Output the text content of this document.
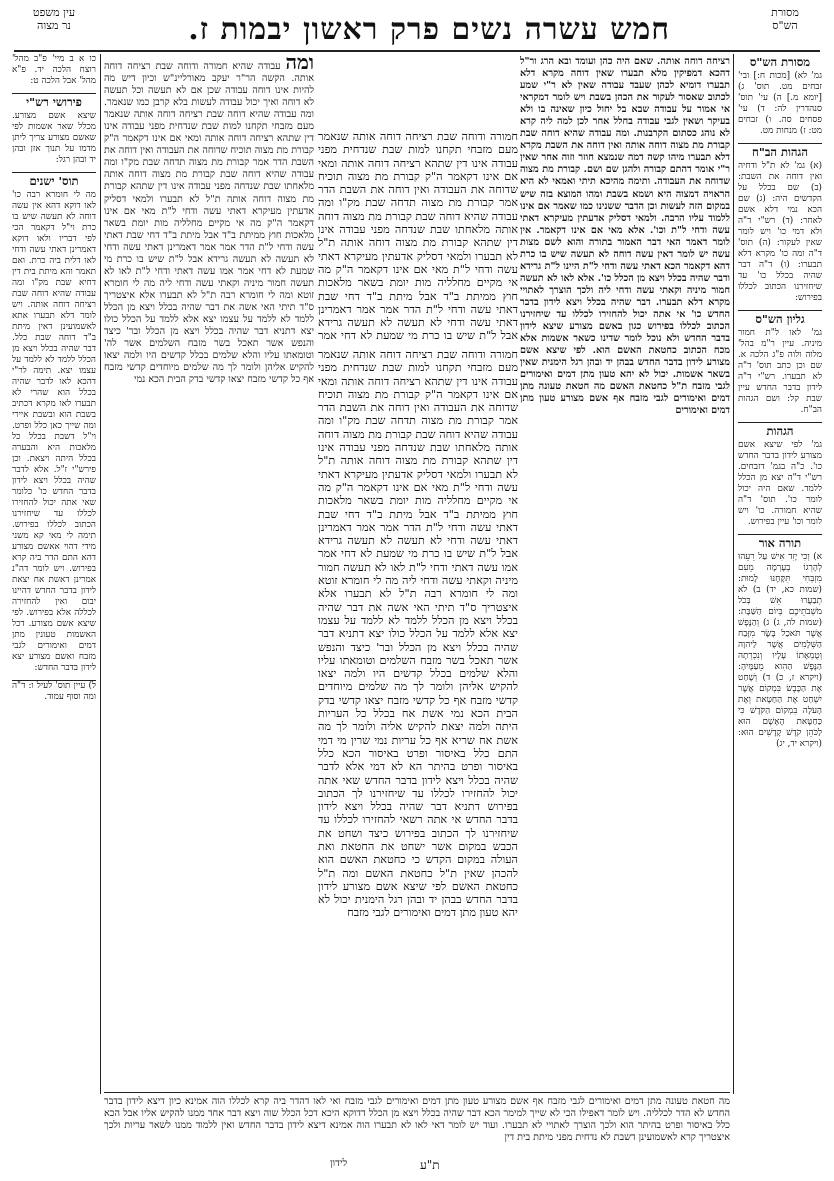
עין משפט
נר מצוה	חמש עשרה נשים פרק ראשון יבמות ז.	מסורת
הש"ס
מסורת הש"ס
גמ' לא) [מכות ח:] ובי' זבחים מט. תוס' ג) [יומא מ.] ה) עי' תוס' סנהדרין לה: ד) עי' פסחים סה. ו) זבחים מט: ז) מנחות מט.
הגהות הב"ח
(א) גמ' לא ת"ל ודחיה ואין דוחה את השבת: (ב) שם בכלל על הקדשים היה: (ג) שם הכא נמי דלא אשם לאחר: (ד) רש"י ד"ה ולא דמי כו' ויש לומר שאין לעקור: (ה) תוס' ד"ה ומה כו' מקרא דלא תבערו: (ו) ד"ה דבר שהיה בכלל כו' עד שיחזירנו הכתוב לכללו בפירוש:
גליון הש"ס
גמ' לאו ל"ת חמור מיניה. עיין ר"מ בהל' מלוה ולוה פ"ג הלכה א. שם וכן כתב תוס' ד"ה לא תבערו. רש"י ד"ה לידון בדבר החדש עיין שבת קל: ושם הגהות הב"ח.
הגהות
גמ' לפי שיצא אשם מצורע לידון בדבר החדש כו'. כ"ה בגמ' דזבחים. רש"י ד"ה יצא מן הכלל ללמד. שאם היה יכול לומר כו'. תוס' ד"ה שהיא חמורה. כו' ויש לומר וכו' עיין בפירוש.
תורה אור
א) וְכִי יָזִד אִישׁ עַל רֵעֵהוּ לְהָרְגוֹ בְעָרְמָה מֵעִם מִזְבְּחִי תִּקָּחֶנּוּ לָמוּת: (שמות כא, יד) ב) לֹא תְבַעֲרוּ אֵשׁ בְּכֹל מֹשְׁבֹתֵיכֶם בְּיוֹם הַשַּׁבָּת: (שמות לה, ג) ג) וְהַנֶּפֶשׁ אֲשֶׁר תֹּאכַל בָּשָׂר מִזֶּבַח הַשְּׁלָמִים אֲשֶׁר לַיהוָה וְטֻמְאָתוֹ עָלָיו וְנִכְרְתָה הַנֶּפֶשׁ הַהִוא מֵעַמֶּיהָ: (ויקרא ז, כ) ד) וְשָׁחַט אֶת הַכֶּבֶשׂ בִּמְקוֹם אֲשֶׁר יִשְׁחַט אֶת הַחַטָּאת וְאֶת הָעֹלָה בִּמְקוֹם הַקֹּדֶשׁ כִּי כַּחַטָּאת הָאָשָׁם הוּא לַכֹּהֵן קֹדֶשׁ קָדָשִׁים הוּא: (ויקרא יד, יג)
רציחה דוחה אותה. שאם היה כהן ועומד ובא הרג ור"ל דהכא דמפיקין מלא תבערו שאין דוחה מקרא דלא תבערו דומיא לכהן שעבד עבודה שאין לא ר"י שמע לכתוב שאסור לעקור את הכהן בשבת ויש לומר דמקראי אי אמור על עבודה שבא בל יחול כיון שאינה בו ולא בעיקר ושאין לגבי עבודה בחלל אחר לכן למה ליה קרא לא נוהג כסתום הקרבנות. ומה עבודה שהיא דוחה שבת קבורת מת מצוה דוחה אותה ואין דוחה את השבת מקרא דלא תבערו מיהו קשה דמה שנמצא חוזר וזוה אחר שאין ר"י אומר דהתם קבורה ולהגן שם ושם. קבורת מת מצוה שדוחה את העבודה. ותימה מהיכא תיתי ואמאי לא היא הראויה דמצוה היא ושמא בשבת ומהו המוצא בזה שיש במקום הזה לעשות וכן הדבר ששנינו כמו שאמר אם אינו ללמוד עליו הרבה. ולמאי דסליק אדעתין מעיקרא דאתי עשה ודחי ל"ת וכו'. אלא מאי אם אינו דקאמר. אין לומר דאמר האי דבר האמור בתורה והוא לשם מצות עשה יש לומר דאין עשה דוחה לא תעשה שיש בו כרת דהא דקאמר הכא דאתי עשה ודחי ל"ת היינו ל"ת גרידא ודבר שהיה בכלל ויצא מן הכלל כו'. אלא לאו לא תעשה חמור מיניה וקאתי עשה ודחי ליה ולכך הוצרך לאתויי מקרא דלא תבערו. דבר שהיה בכלל ויצא לידון בדבר החדש כו' אי אתה יכול להחזירו לכללו עד שיחזירנו הכתוב לכללו בפירוש כגון באשם מצורע שיצא לידון בדבר החדש ולא נוכל לומר שדינו כשאר אשמות אלא מכח הכתוב כחטאת האשם הוא. לפי שיצא אשם מצורע לידון בדבר החדש בבהן יד ובהן רגל הימנית שאין בשאר אשמות. יכול לא יהא טעון מתן דמים ואימורים לגבי מזבח ת"ל כחטאת האשם מה חטאת טעונה מתן דמים ואימורים לגבי מזבח אף אשם מצורע טעון מתן דמים ואימורים
חמורה ודוחה שבת רציחה דוחה אותה שנאמר מעם מזבחי תקחנו למות שבת שנדחית מפני עבודה אינו דין שתהא רציחה דוחה אותה ומאי אם אינו דקאמר ה"ק קבורת מת מצוה תוכיח שדוחה את העבודה ואין דוחה את השבת הדר אמר קבורת מת מצוה תדחה שבת מק"ו ומה עבודה שהיא דוחה שבת קבורת מת מצוה דוחה אותה מלאחתו שבת שנדחה מפני עבודה אינו דין שתהא קבורת מת מצוה דוחה אותה ת"ל לא תבערו ולמאי דסליק אדעתין מעיקרא דאתי עשה ודחי ל"ת מאי אם אינו דקאמר ה"ק מה אי מקיים מחלליה מות יומת בשאר מלאכות חוץ ממיתת ב"ד אבל מיתת ב"ד דחי שבת דאתי עשה ודחי ל"ת הדר אמר אמר דאמרינן דאתי עשה ודחי לא תעשה לא תעשה גרידא אבל ל"ת שיש בו כרת מי שמעת לא דחי אמר אמו עשה דאתי ודחי ל"ת לאו לא תעשה חמור מיניה וקאתי עשה ודחי ליה מה לי חומרא זוטא ומה לי חומרא רבה ת"ל לא תבערו אלא איצטריך ס"ד תיתי האי אשה את דבר שהיה בכלל ויצא מן הכלל ללמד לא ללמד על עצמו יצא אלא ללמד על הכלל כולו יצא דתניא דבר שהיה בכלל ויצא מן הכלל ובר' כיצד והנפש אשר תאכל בשר מזבח השלמים וטומאתו עליו והלא שלמים בכלל קדשים היו ולמה יצאו להקיש אליהן ולומר לך מה שלמים מיוחדים קדשי מזבח אף כל קדשי מזבח יצאו קדשי בדק הבית הכא נמי אשת אח בכלל כל העריות היתה ולמה יצאת להקיש אליה ולומר לך מה אשת אח שריא אף כל עריות נמי שרין מי דמי התם כלל באיסור ופרט באיסור הכא כלל באיסור ופרט בהיתר הא לא דמי אלא לדבר שהיה בכלל ויצא לידון בדבר החדש שאי אתה יכול להחזירו לכללו עד שיחזירנו לך הכתוב בפירוש דתניא דבר שהיה בכלל ויצא לידון בדבר החדש אי אתה רשאי להחזירו לכללו עד שיחזירנו לך הכתוב בפירוש כיצד ושחט את הכבש במקום אשר ישחט את החטאת ואת העולה במקום הקדש כי כחטאת האשם הוא להכהן שאין ת"ל כחטאת האשם ומה ת"ל כחטאת האשם לפי שיצא אשם מצורע לידון בדבר החדש בבהן יד ובהן רגל הימנית יכול לא יהא טעון מתן דמים ואימורים לגבי מזבח
ומה עבודה שהיא חמורה ודוחה שבת רציחה דוחה אותה. הקשה הר"ר יעקב מאורליינ"ש וכיון דיש מה להיות אינו דוחה עבודה שכן אם לא תעשה וכל תעשה לא דוחה ואיך יכול עבודה לעשות בלא קרבן כמו שנאמר. ומה עבודה שהיא דוחה שבת רציחה דוחה אותה שנאמר מעם מזבחי תקחנו למות שבת שנדחית מפני עבודה אינו דין שתהא רציחה דוחה אותה ומאי אם אינו דקאמר ה"ק קבורת מת מצוה תוכיח שדוחה את העבודה ואין דוחה את השבת הדר אמר קבורת מת מצוה תדחה שבת מק"ו ומה עבודה שהיא דוחה שבת קבורת מת מצוה דוחה אותה מלאחתו שבת שנדחה מפני עבודה אינו דין שתהא קבורת מת מצוה דוחה אותה ת"ל לא תבערו ולמאי דסליק אדעתין מעיקרא דאתי עשה ודחי ל"ת מאי אם אינו דקאמר ה"ק מה אי מקיים מחלליה מות יומת בשאר מלאכות חוץ ממיתת ב"ד אבל מיתת ב"ד דחי שבת דאתי עשה ודחי ל"ת הדר אמר אמר דאמרינן דאתי עשה ודחי לא תעשה לא תעשה גרידא אבל ל"ת שיש בו כרת מי שמעת לא דחי אמר אמו עשה דאתי ודחי ל"ת לאו לא תעשה חמור מיניה וקאתי עשה ודחי ליה מה לי חומרא זוטא ומה לי חומרא רבה ת"ל לא תבערו אלא איצטריך ס"ד תיתי האי אשה את דבר שהיה בכלל ויצא מן הכלל ללמד לא ללמד על עצמו יצא אלא ללמד על הכלל כולו יצא דתניא דבר שהיה בכלל ויצא מן הכלל ובר' כיצד והנפש אשר תאכל בשר מזבח השלמים אשר לה' וטומאתו עליו והלא שלמים בכלל קדשים היו ולמה יצאו להקיש אליהן ולומר לך מה שלמים מיוחדים קדשי מזבח אף כל קדשי מזבח יצאו קדשי בדק הבית הכא נמי
חמורה ודוחה שבת רציחה דוחה אותה שנאמר מעם מזבחי תקחנו למות שבת שנדחית מפני עבודה אינו דין שתהא רציחה דוחה אותה ומאי אם אינו דקאמר ה"ק קבורת מת מצוה תוכיח שדוחה את העבודה ואין דוחה את השבת הדר אמר קבורת מת מצוה תדחה שבת מק"ו ומה עבודה שהיא דוחה שבת קבורת מת מצוה דוחה אותה מלאחתו שבת שנדחה מפני עבודה אינו דין שתהא קבורת מת מצוה דוחה אותה ת"ל לא תבערו ולמאי דסליק אדעתין מעיקרא דאתי עשה ודחי ל"ת מאי אם אינו דקאמר ה"ק מה אי מקיים מחלליה מות יומת בשאר מלאכות חוץ ממיתת ב"ד אבל מיתת ב"ד דחי שבת דאתי עשה ודחי ל"ת הדר אמר אמר דאמרינן דאתי עשה ודחי לא תעשה לא תעשה גרידא אבל ל"ת שיש בו כרת מי שמעת לא דחי אמר
כו א ב מיי' פ"ב מהל' רוצח הלכה יד. פ"א מהל' אבל הלכה ט:
פירושי רש"י
שיצא אשם מצורע. מכלל שאר אשמות לפי שאשם מצורע צריך ליתן מדמו על תנוך אזן ובהן יד ובהן רגל:
תוס' ישנים
מה לי חומרא רבה כו' לאו דוקא דהא אין עשה דוחה לא תעשה שיש בו כרת וי"ל דקאמר הכי לפי דבריו ולאו דוקא דאמרינן דאתי עשה ודחי לאו דלית ביה כרת. ואם תאמר והא מיתת בית דין דחיא שבת מק"ו ומה עבודה שהיא דוחה שבת רציחה דוחה אותה. ויש לומר דלא תבערו אתא לאשמועינן דאין מיתת ב"ד דוחה שבת כלל. דבר שהיה בכלל ויצא מן הכלל ללמד לא ללמד על עצמו יצא. תימה לר"י דהכא לאו לדבר שהיה בכלל הוא שהרי לא תבערו לאו מקרא דכתיב בשבת הוא ובשבת איירי ומה שייך כאן כלל ופרט. וי"ל דשבת בכלל כל מלאכות היא והבערה בכלל היתה ויצאת. וכן פירש"י ז"ל. אלא לדבר שהיה בכלל ויצא לידון בדבר החדש כו' כלומר שאי אתה יכול להחזירו לכללו עד שיחזירנו הכתוב לכללו בפירוש. תימה לי מאי קא משני מידי דהוי אאשם מצורע דהא התם הדר ביה קרא בפירוש. ויש לומר דה"נ אמרינן דאשת אח יצאת לידון בדבר החדש דהיינו יבום ואין להחזירה לכללה אלא בפירוש. לפי שיצא אשם מצורע. דכל האשמות טעונין מתן דמים ואימורים לגבי מזבח ואשם מצורע יצא לידון בדבר החדש:
ל) עיין תוס' לעיל ו: ד"ה ומה וסוף עמוד.
מה חטאת טעונה מתן דמים ואימורים לגבי מזבח אף אשם מצורע טעון מתן דמים ואימורים לגבי מזבח ואי לאו דהדר ביה קרא לכללו הוה אמינא כיון דיצא לידון בדבר החדש לא הדר לכלליה. ויש לומר דאפילו הכי לא שייך למימר הכא דבר שהיה בכלל ויצא מן הכלל דדוקא היכא דכל הכלל שוה ויצא דבר אחד ממנו להקיש אליו אבל הכא כלל באיסור ופרט בהיתר הוא ולכך הוצרך לאתויי לא תבערו. ועוד יש לומר דאי לאו לא תבערו הוה אמינא דיצא לידון בדבר החדש ואין ללמוד ממנו לשאר עריות ולכך איצטריך קרא לאשמועינן דשבת לא נדחית מפני מיתת בית דין
ת"ע
לידון
